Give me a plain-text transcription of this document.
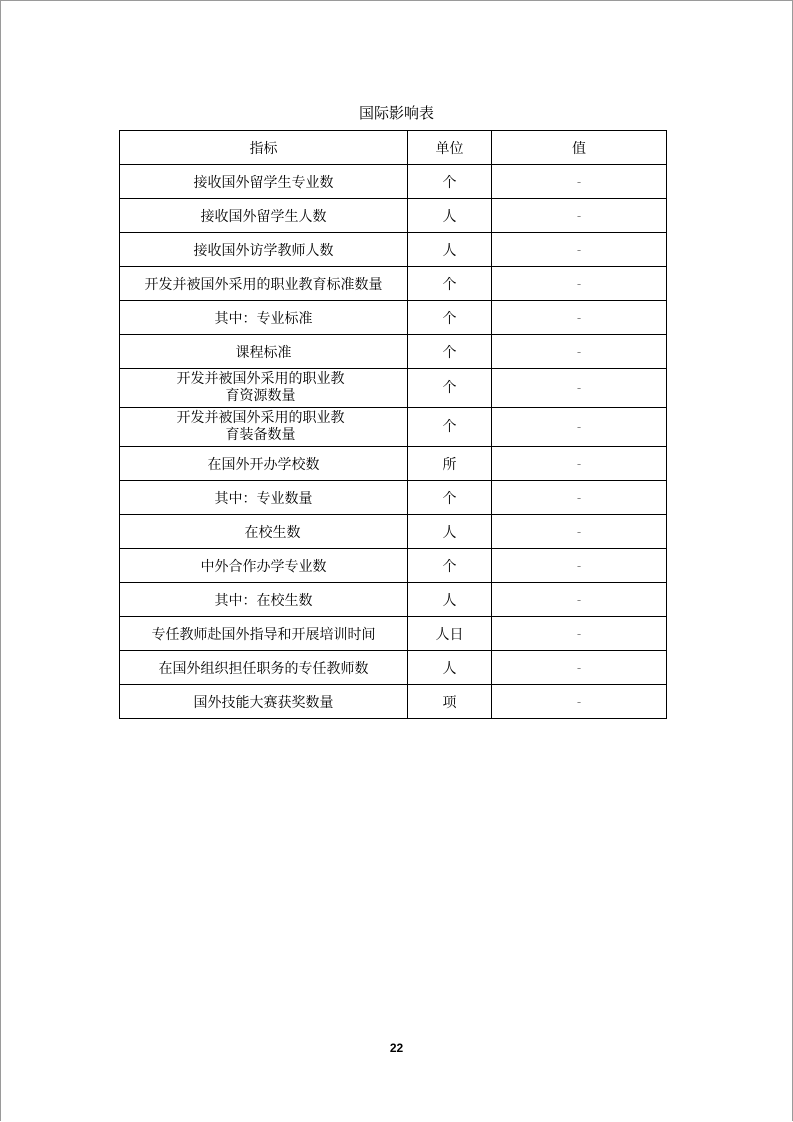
国际影响表
指标	单位	值
接收国外留学生专业数	个	-
接收国外留学生人数	人	-
接收国外访学教师人数	人	-
开发并被国外采用的职业教育标准数量	个	-
其中：专业标准	个	-
课程标准	个	-
开发并被国外采用的职业教育资源数量	个	-
开发并被国外采用的职业教育装备数量	个	-
在国外开办学校数	所	-
其中：专业数量	个	-
在校生数	人	-
中外合作办学专业数	个	-
其中：在校生数	人	-
专任教师赴国外指导和开展培训时间	人日	-
在国外组织担任职务的专任教师数	人	-
国外技能大赛获奖数量	项	-
22
